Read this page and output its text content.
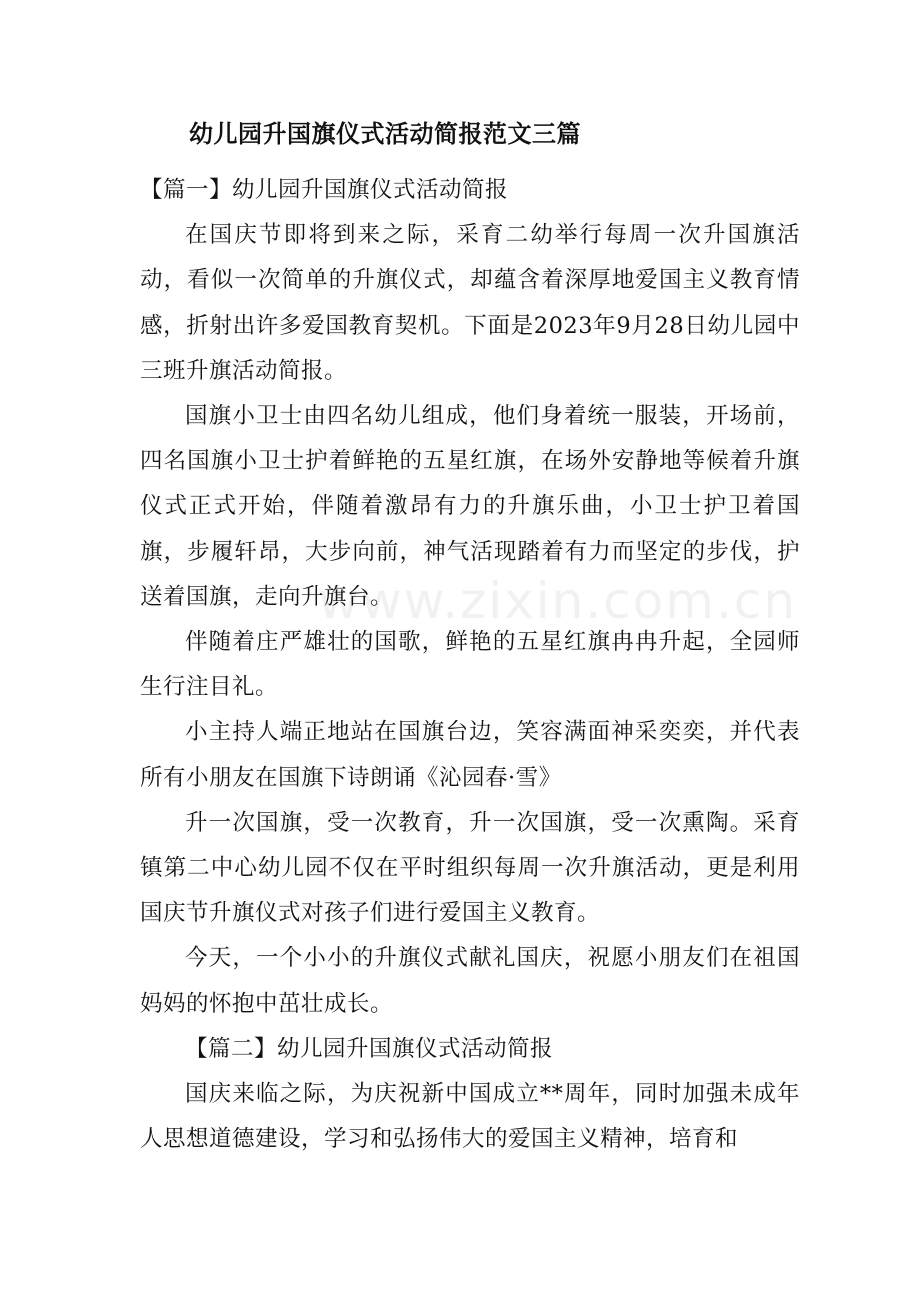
www.zixin.com.cn
幼儿园升国旗仪式活动简报范文三篇

【篇一】幼儿园升国旗仪式活动简报

在国庆节即将到来之际，采育二幼举行每周一次升国旗活动，看似一次简单的升旗仪式，却蕴含着深厚地爱国主义教育情感，折射出许多爱国教育契机。下面是2023年9月28日幼儿园中三班升旗活动简报。

国旗小卫士由四名幼儿组成，他们身着统一服装，开场前，四名国旗小卫士护着鲜艳的五星红旗，在场外安静地等候着升旗仪式正式开始，伴随着激昂有力的升旗乐曲，小卫士护卫着国旗，步履轩昂，大步向前，神气活现踏着有力而坚定的步伐，护送着国旗，走向升旗台。

伴随着庄严雄壮的国歌，鲜艳的五星红旗冉冉升起，全园师生行注目礼。

小主持人端正地站在国旗台边，笑容满面神采奕奕，并代表所有小朋友在国旗下诗朗诵《沁园春·雪》

升一次国旗，受一次教育，升一次国旗，受一次熏陶。采育镇第二中心幼儿园不仅在平时组织每周一次升旗活动，更是利用国庆节升旗仪式对孩子们进行爱国主义教育。

今天，一个小小的升旗仪式献礼国庆，祝愿小朋友们在祖国妈妈的怀抱中茁壮成长。

【篇二】幼儿园升国旗仪式活动简报

国庆来临之际，为庆祝新中国成立**周年，同时加强未成年人思想道德建设，学习和弘扬伟大的爱国主义精神，培育和
